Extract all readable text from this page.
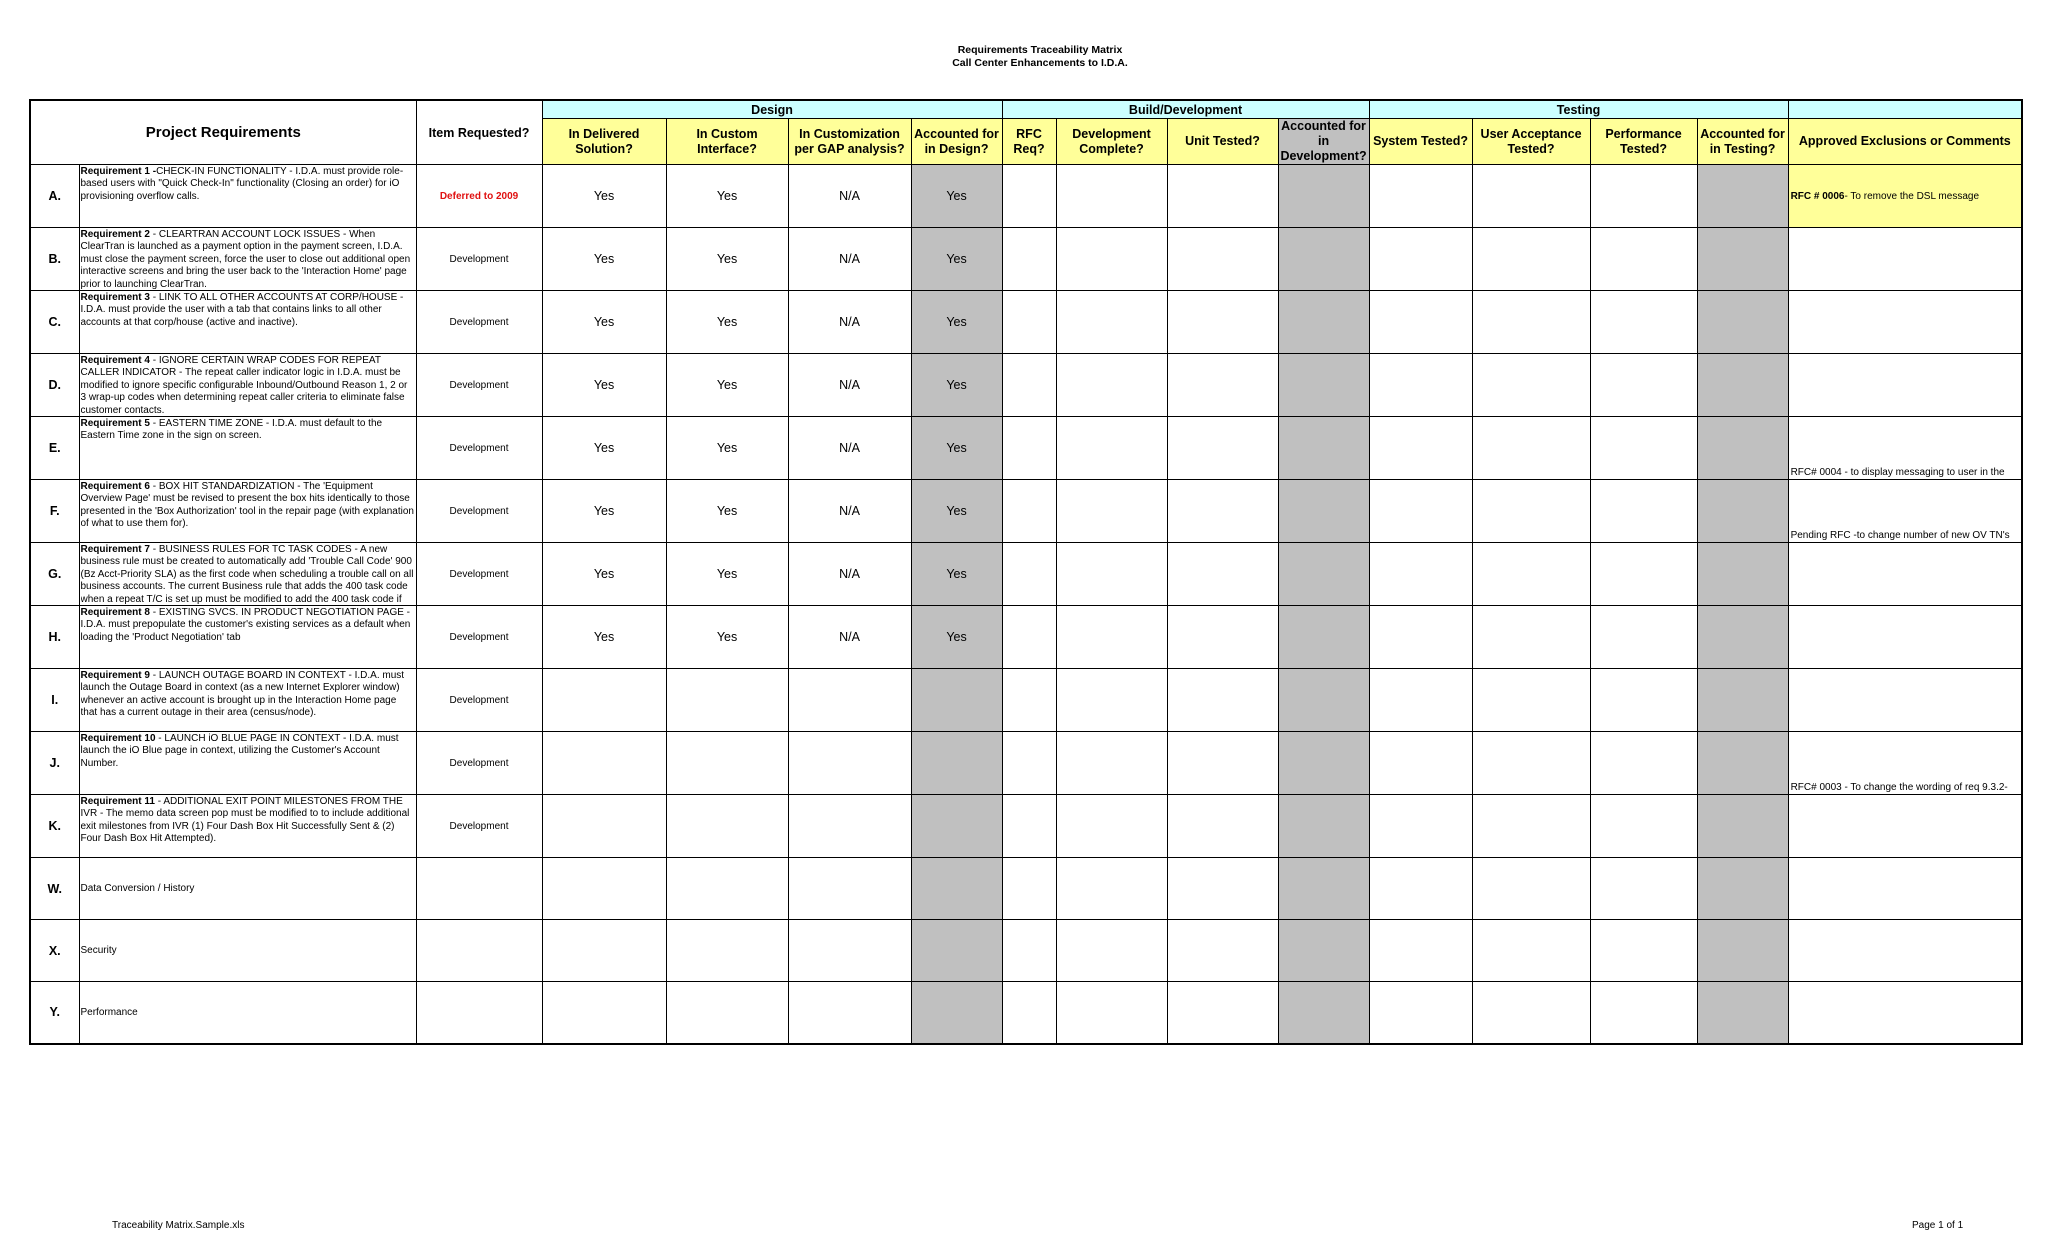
Requirements Traceability Matrix
Call Center Enhancements to I.D.A.
Project Requirements		Item Requested?	Design				Build/Development				Testing				
			In Delivered Solution?	In Custom Interface?	In Customization per GAP analysis?	Accounted for in Design?	RFC Req?	Development Complete?	Unit Tested?	Accounted for in Development?	System Tested?	User Acceptance Tested?	Performance Tested?	Accounted for in Testing?	Approved Exclusions or Comments
A.	Requirement 1 -CHECK-IN FUNCTIONALITY - I.D.A. must provide role-based users with "Quick Check-In" functionality (Closing an order) for iO provisioning overflow calls.	Deferred to 2009	Yes	Yes	N/A	Yes									RFC # 0006- To remove the DSL message
B.	Requirement 2 - CLEARTRAN ACCOUNT LOCK ISSUES - When ClearTran is launched as a payment option in the payment screen, I.D.A. must close the payment screen, force the user to close out additional open interactive screens and bring the user back to the 'Interaction Home' page prior to launching ClearTran.	Development	Yes	Yes	N/A	Yes									
C.	Requirement 3 - LINK TO ALL OTHER ACCOUNTS AT CORP/HOUSE - I.D.A. must provide the user with a tab that contains links to all other accounts at that corp/house (active and inactive).	Development	Yes	Yes	N/A	Yes									
D.	Requirement 4 - IGNORE CERTAIN WRAP CODES FOR REPEAT CALLER INDICATOR - The repeat caller indicator logic in I.D.A. must be modified to ignore specific configurable Inbound/Outbound Reason 1, 2 or 3 wrap-up codes when determining repeat caller criteria to eliminate false customer contacts.	Development	Yes	Yes	N/A	Yes									
E.	Requirement 5 - EASTERN TIME ZONE - I.D.A. must default to the Eastern Time zone in the sign on screen.	Development	Yes	Yes	N/A	Yes									RFC# 0004 - to display messaging to user in the
F.	Requirement 6 - BOX HIT STANDARDIZATION - The 'Equipment Overview Page' must be revised to present the box hits identically to those presented in the 'Box Authorization' tool in the repair page (with explanation of what to use them for).	Development	Yes	Yes	N/A	Yes									Pending RFC -to change number of new OV TN's
G.	Requirement 7 - BUSINESS RULES FOR TC TASK CODES - A new business rule must be created to automatically add 'Trouble Call Code' 900 (Bz Acct-Priority SLA) as the first code when scheduling a trouble call on all business accounts. The current Business rule that adds the 400 task code when a repeat T/C is set up must be modified to add the 400 task code if	Development	Yes	Yes	N/A	Yes									
H.	Requirement 8 - EXISTING SVCS. IN PRODUCT NEGOTIATION PAGE - I.D.A. must prepopulate the customer's existing services as a default when loading the 'Product Negotiation' tab	Development	Yes	Yes	N/A	Yes									
I.	Requirement 9 - LAUNCH OUTAGE BOARD IN CONTEXT - I.D.A. must launch the Outage Board in context (as a new Internet Explorer window) whenever an active account is brought up in the Interaction Home page that has a current outage in their area (census/node).	Development													
J.	Requirement 10 - LAUNCH iO BLUE PAGE IN CONTEXT - I.D.A. must launch the iO Blue page in context, utilizing the Customer's Account Number.	Development													RFC# 0003 - To change the wording of req 9.3.2-
K.	Requirement 11 - ADDITIONAL EXIT POINT MILESTONES FROM THE IVR - The memo data screen pop must be modified to to include additional exit milestones from IVR (1) Four Dash Box Hit Successfully Sent & (2) Four Dash Box Hit Attempted).	Development													
W.	Data Conversion / History														

X.	Security														

Y.	Performance														

Traceability Matrix.Sample.xls	Page 1 of 1
